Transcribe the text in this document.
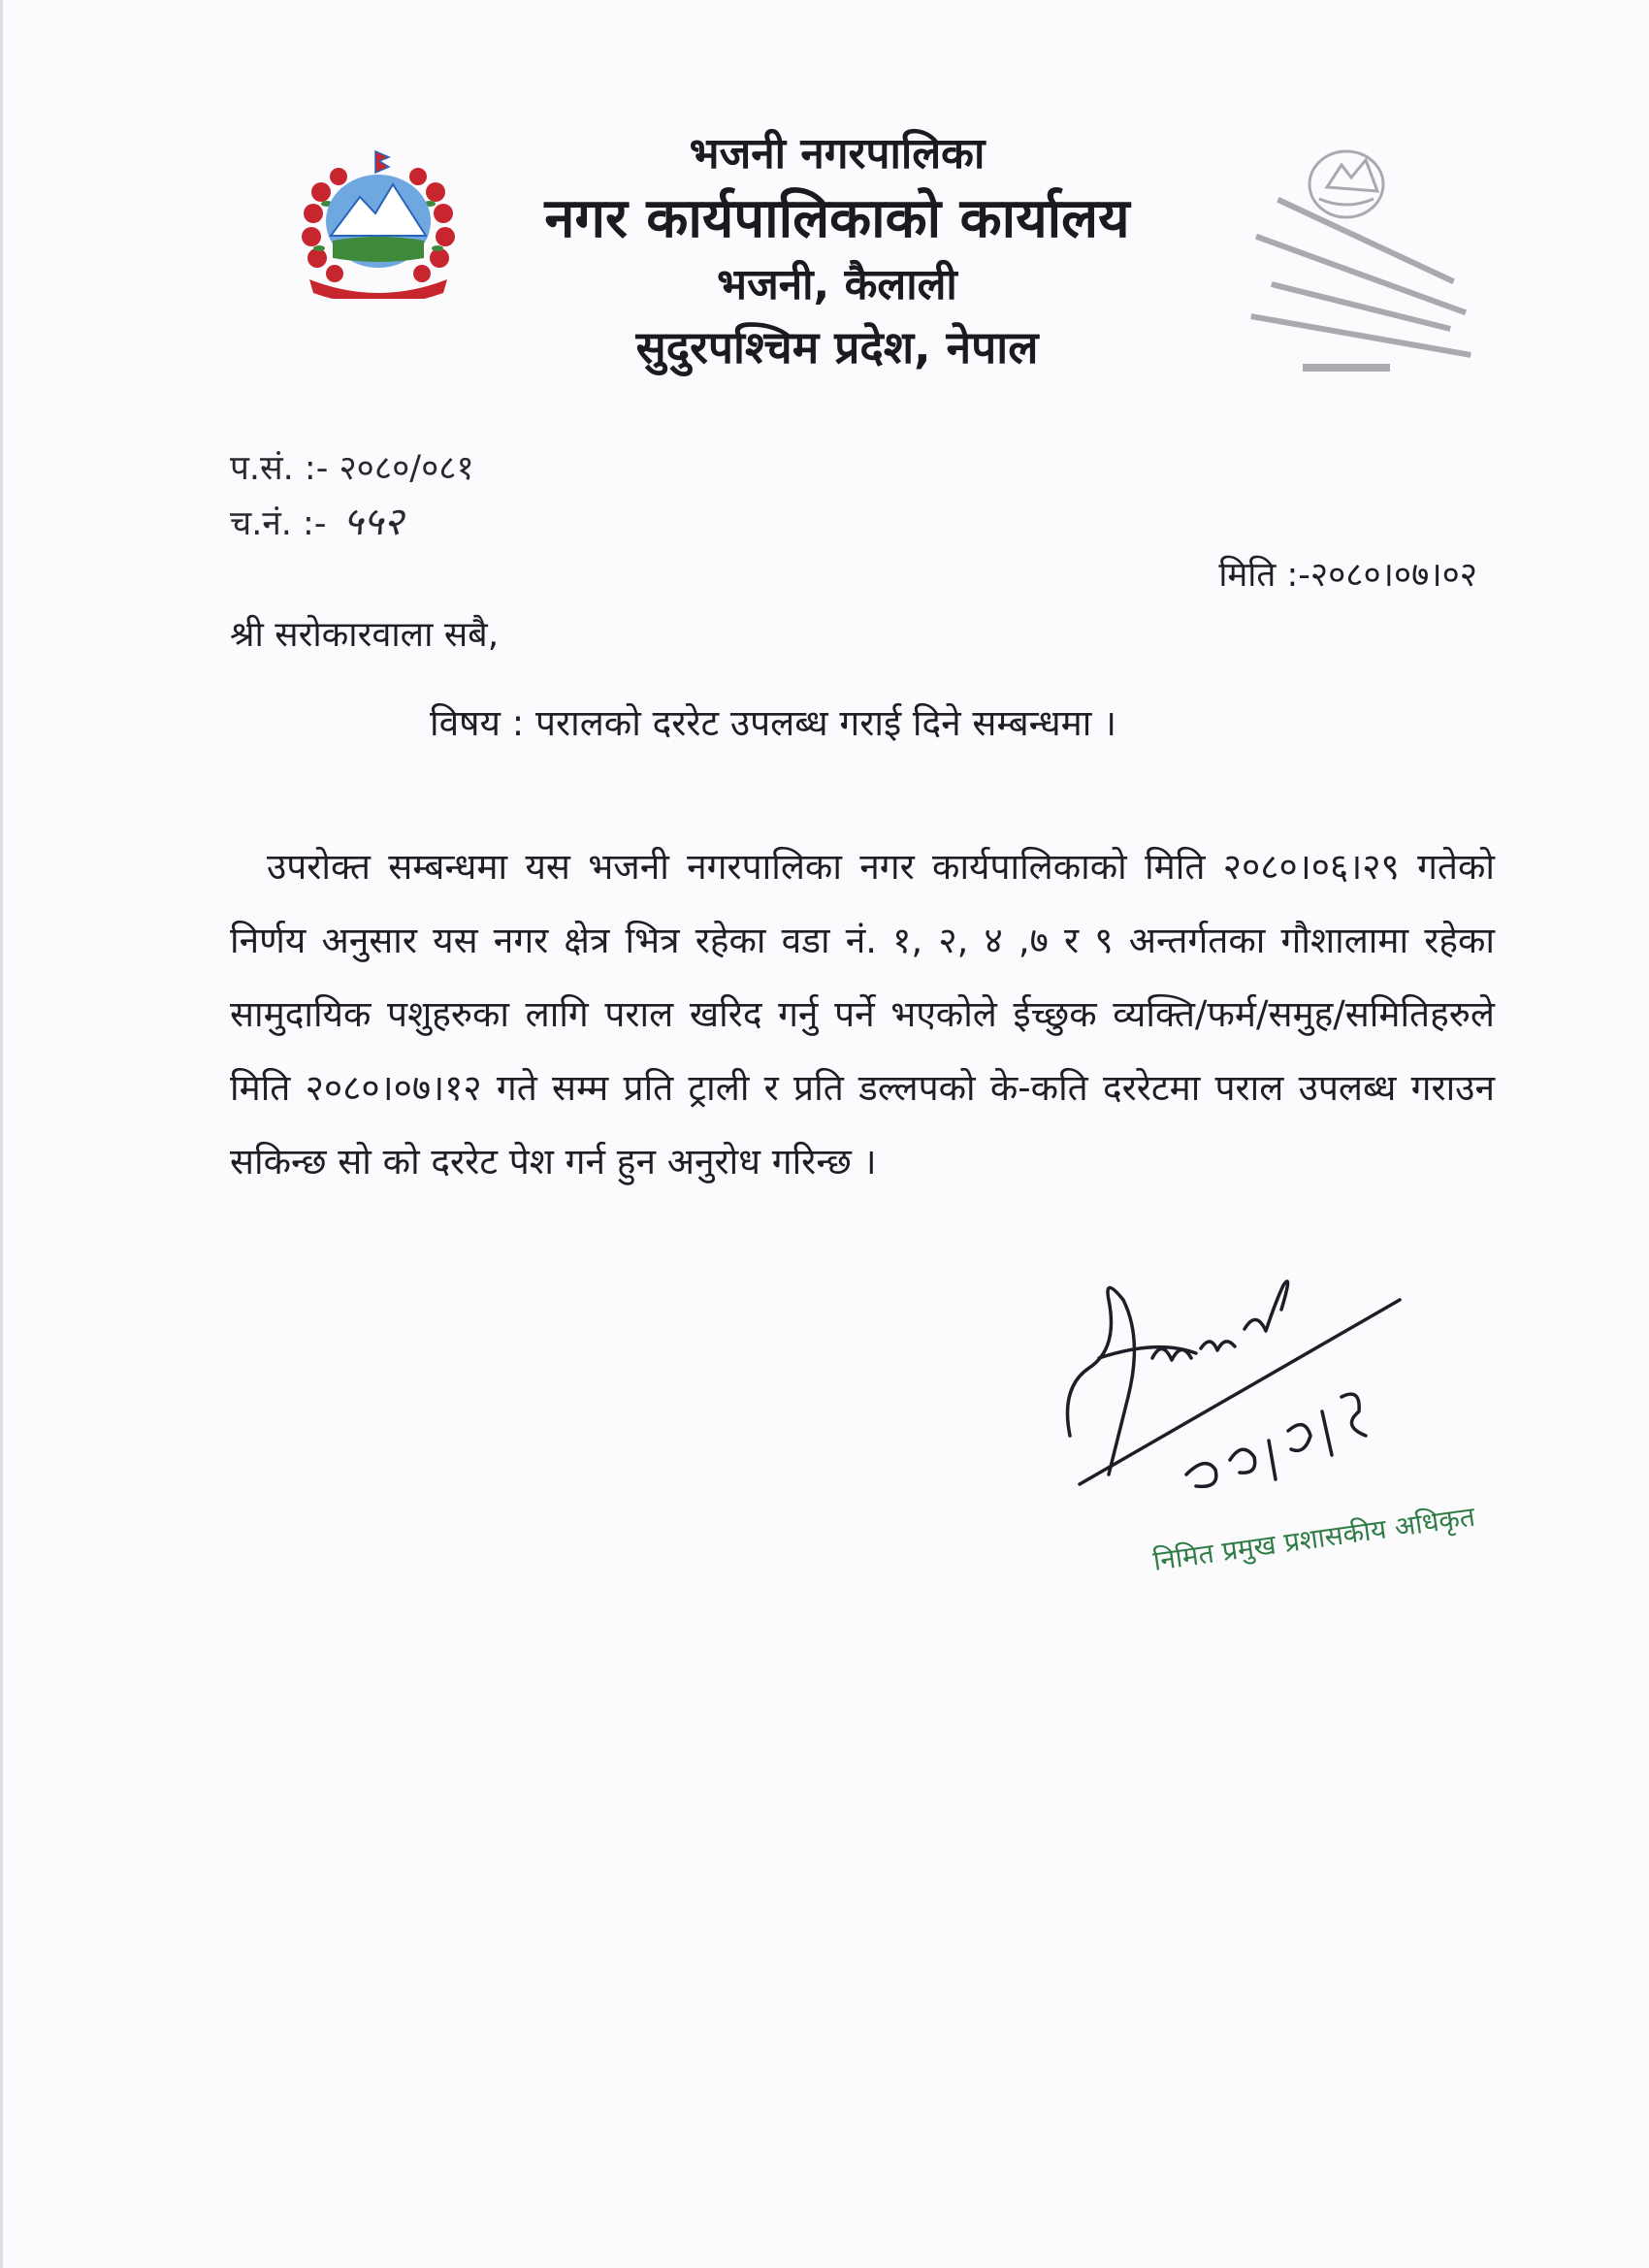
भजनी नगरपालिका
नगर कार्यपालिकाको कार्यालय
भजनी, कैलाली
सुदुरपश्चिम प्रदेश, नेपाल
प.सं. :- २०८०/०८१
च.नं. :- ५५२
मिति :-२०८०।०७।०२
श्री सरोकारवाला सबै,
विषय : परालको दररेट उपलब्ध गराई दिने सम्बन्धमा ।
उपरोक्त सम्बन्धमा यस भजनी नगरपालिका नगर कार्यपालिकाको मिति २०८०।०६।२९ गतेको निर्णय अनुसार यस नगर क्षेत्र भित्र रहेका वडा नं. १, २, ४ ,७ र ९ अन्तर्गतका गौशालामा रहेका सामुदायिक पशुहरुका लागि पराल खरिद गर्नु पर्ने भएकोले ईच्छुक व्यक्ति/फर्म/समुह/समितिहरुले मिति २०८०।०७।१२ गते सम्म प्रति ट्राली र प्रति डल्लपको के-कति दररेटमा पराल उपलब्ध गराउन सकिन्छ सो को दररेट पेश गर्न हुन अनुरोध गरिन्छ ।
निमित प्रमुख प्रशासकीय अधिकृत
